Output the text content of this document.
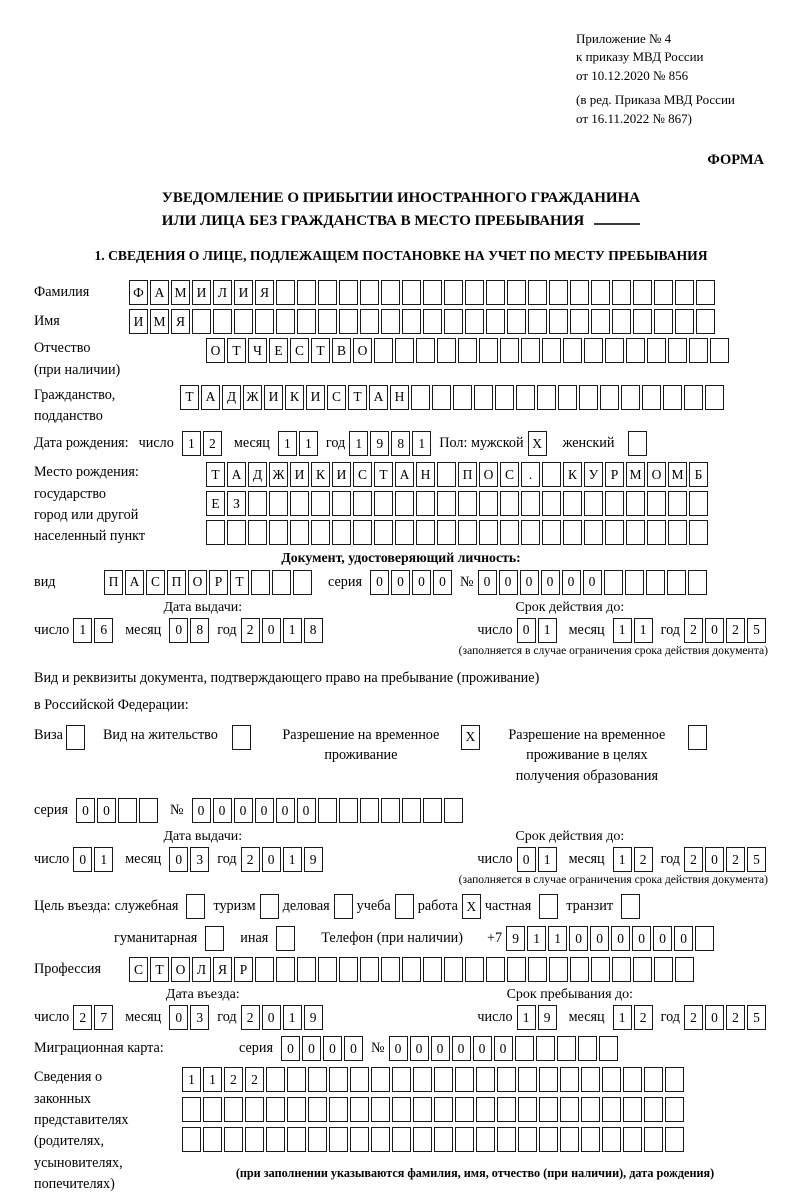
Приложение № 4
к приказу МВД России
от 10.12.2020 № 856
(в ред. Приказа МВД России
от 16.11.2022 № 867)
ФОРМА
УВЕДОМЛЕНИЕ О ПРИБЫТИИ ИНОСТРАННОГО ГРАЖДАНИНА
ИЛИ ЛИЦА БЕЗ ГРАЖДАНСТВА В МЕСТО ПРЕБЫВАНИЯ
1. СВЕДЕНИЯ О ЛИЦЕ, ПОДЛЕЖАЩЕМ ПОСТАНОВКЕ НА УЧЕТ ПО МЕСТУ ПРЕБЫВАНИЯ
Фамилия	Ф А М И Л И Я
Имя	И М Я
Отчество
(при наличии)
О Т Ч Е С Т В О
Гражданство,
подданство
Т А Д Ж И К И С Т А Н
Дата рождения: число	1	2	месяц	1	1 год 1	9	8	1 Пол: мужской X	женский
Место рождения:
государство
город или другой
населенный пункт
Т А Д Ж И К И С Т А Н	П О С	.	К У Р М О М Б
Е З
Документ, удостоверяющий личность:
вид	П А С П О Р Т	серия	0	0	0	0 № 0	0	0	0	0	0
Дата выдачи:
число 1	6	месяц	0	8 год 2	0	1	8
Срок действия до:
число 0	1	месяц	1	1 год 2	0	2	5
(заполняется в случае ограничения срока действия документа)
Вид и реквизиты документа, подтверждающего право на пребывание (проживание)
в Российской Федерации:
Виза	Вид на жительство	Разрешение на временное
проживание
X	Разрешение на временное
проживание в целях
получения образования
серия	0	0	№	0	0	0	0	0	0
Дата выдачи:
число 0	1	месяц	0	3 год 2	0	1	9
Срок действия до:
число 0	1	месяц	1	2 год 2	0	2	5
(заполняется в случае ограничения срока действия документа)
Цель въезда: служебная туризм деловая учеба работа X частная транзит
гуманитарная	иная	Телефон (при наличии) +7 9	1	1	0	0	0	0	0	0
Профессия	С Т О Л Я Р
Дата въезда:
число 2	7	месяц	0	3 год 2	0	1	9
Срок пребывания до:
число 1	9	месяц	1	2 год 2	0	2	5
Миграционная карта:	серия	0	0	0	0 № 0	0	0	0	0	0
Сведения о
законных
представителях
(родителях,
усыновителях,
попечителях)
1	1	2	2
(при заполнении указываются фамилия, имя, отчество (при наличии), дата рождения)
